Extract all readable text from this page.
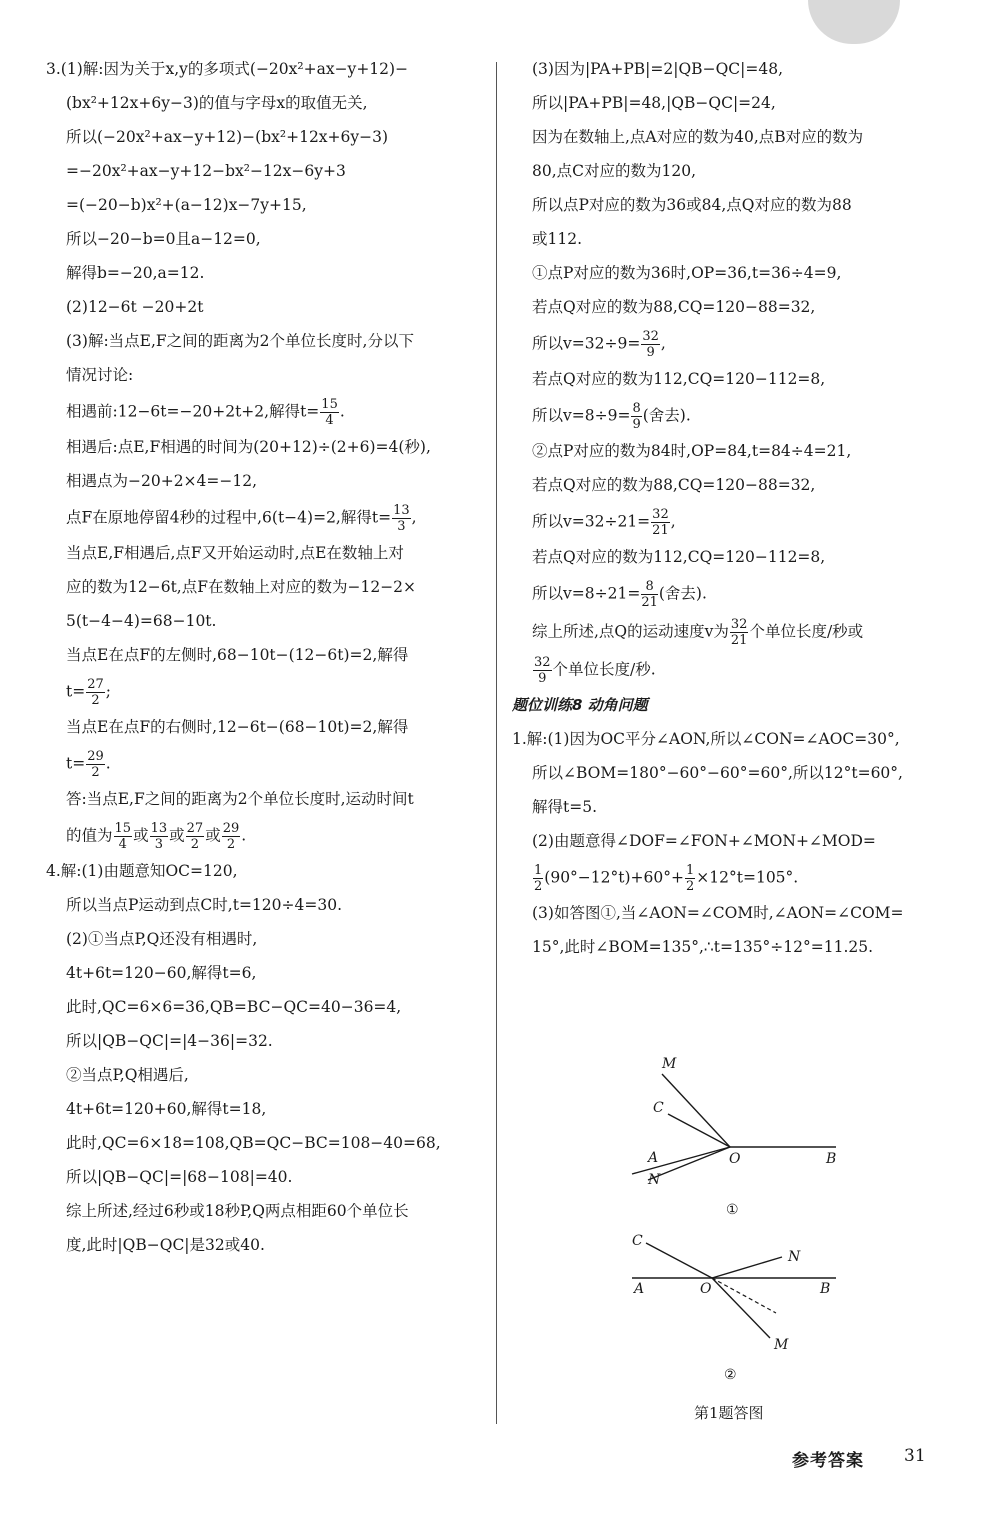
3.(1)解:因为关于x,y的多项式(−20x²+ax−y+12)−
(bx²+12x+6y−3)的值与字母x的取值无关,
所以(−20x²+ax−y+12)−(bx²+12x+6y−3)
=−20x²+ax−y+12−bx²−12x−6y+3
=(−20−b)x²+(a−12)x−7y+15,
所以−20−b=0且a−12=0,
解得b=−20,a=12.
(2)12−6t −20+2t
(3)解:当点E,F之间的距离为2个单位长度时,分以下
情况讨论:
相遇前:12−6t=−20+2t+2,解得$t= \frac{15}{4}$ .
相遇后:点E,F相遇的时间为(20+12)÷(2+6)=4(秒),
相遇点为−20+2×4=−12,
点F在原地停留4秒的过程中,6(t−4)=2,解得$t= \frac{13}{3}$ ,
当点E,F相遇后,点F又开始运动时,点E在数轴上对
应的数为12−6t,点F在数轴上对应的数为−12−2×
5(t−4−4)=68−10t.
当点E在点F的左侧时,68−10t−(12−6t)=2,解得
$t= \frac{27}{2}$ ;
当点E在点F的右侧时,12−6t−(68−10t)=2,解得
$t= \frac{29}{2}$ .
答:当点E,F之间的距离为2个单位长度时,运动时间t
的值为 $\frac{15}{4}$ 或 $\frac{13}{3}$ 或 $\frac{27}{2}$ 或 $\frac{29}{2}$ .
4.解:(1)由题意知OC=120,
所以当点P运动到点C时,t=120÷4=30.
(2)①当点P,Q还没有相遇时,
4t+6t=120−60,解得t=6,
此时,QC=6×6=36,QB=BC−QC=40−36=4,
所以|QB−QC|=|4−36|=32.
②当点P,Q相遇后,
4t+6t=120+60,解得t=18,
此时,QC=6×18=108,QB=QC−BC=108−40=68,
所以|QB−QC|=|68−108|=40.
综上所述,经过6秒或18秒P,Q两点相距60个单位长
度,此时|QB−QC|是32或40.
(3)因为|PA+PB|=2|QB−QC|=48,
所以|PA+PB|=48,|QB−QC|=24,
因为在数轴上,点A对应的数为40,点B对应的数为
80,点C对应的数为120,
所以点P对应的数为36或84,点Q对应的数为88
或112.
①点P对应的数为36时,OP=36,t=36÷4=9,
若点Q对应的数为88,CQ=120−88=32,
所以$v=32\div 9= \frac{32}{9}$ ,
若点Q对应的数为112,CQ=120−112=8,
所以$v=8\div 9= \frac{8}{9}$ (舍去).
②点P对应的数为84时,OP=84,t=84÷4=21,
若点Q对应的数为88,CQ=120−88=32,
所以$v=32\div 21= \frac{32}{21}$ ,
若点Q对应的数为112,CQ=120−112=8,
所以$v=8\div 21= \frac{8}{21}$ (舍去).
综上所述,点Q的运动速度v为 $\frac{32}{21}$ 个单位长度/秒或
$\frac{32}{9}$ 个单位长度/秒.
题位训练8 动角问题
1.解:(1)因为OC平分∠AON,所以∠CON=∠AOC=30°,
所以∠BOM=180°−60°−60°=60°,所以12°t=60°,
解得t=5.
(2)由题意得∠DOF=∠FON+∠MON+∠MOD=
$\frac{1}{2} (90^\circ-12^\circ t)+60^\circ+ \frac{1}{2} \times 12^\circ t=105^\circ$.
(3)如答图①,当∠AON=∠COM时,∠AON=∠COM=
15°,此时∠BOM=135°,∴t=135°÷12°=11.25.
M
C
A
N
O	B
①
C
N
A	O	B
M
②
第1题答图
参考答案 31
